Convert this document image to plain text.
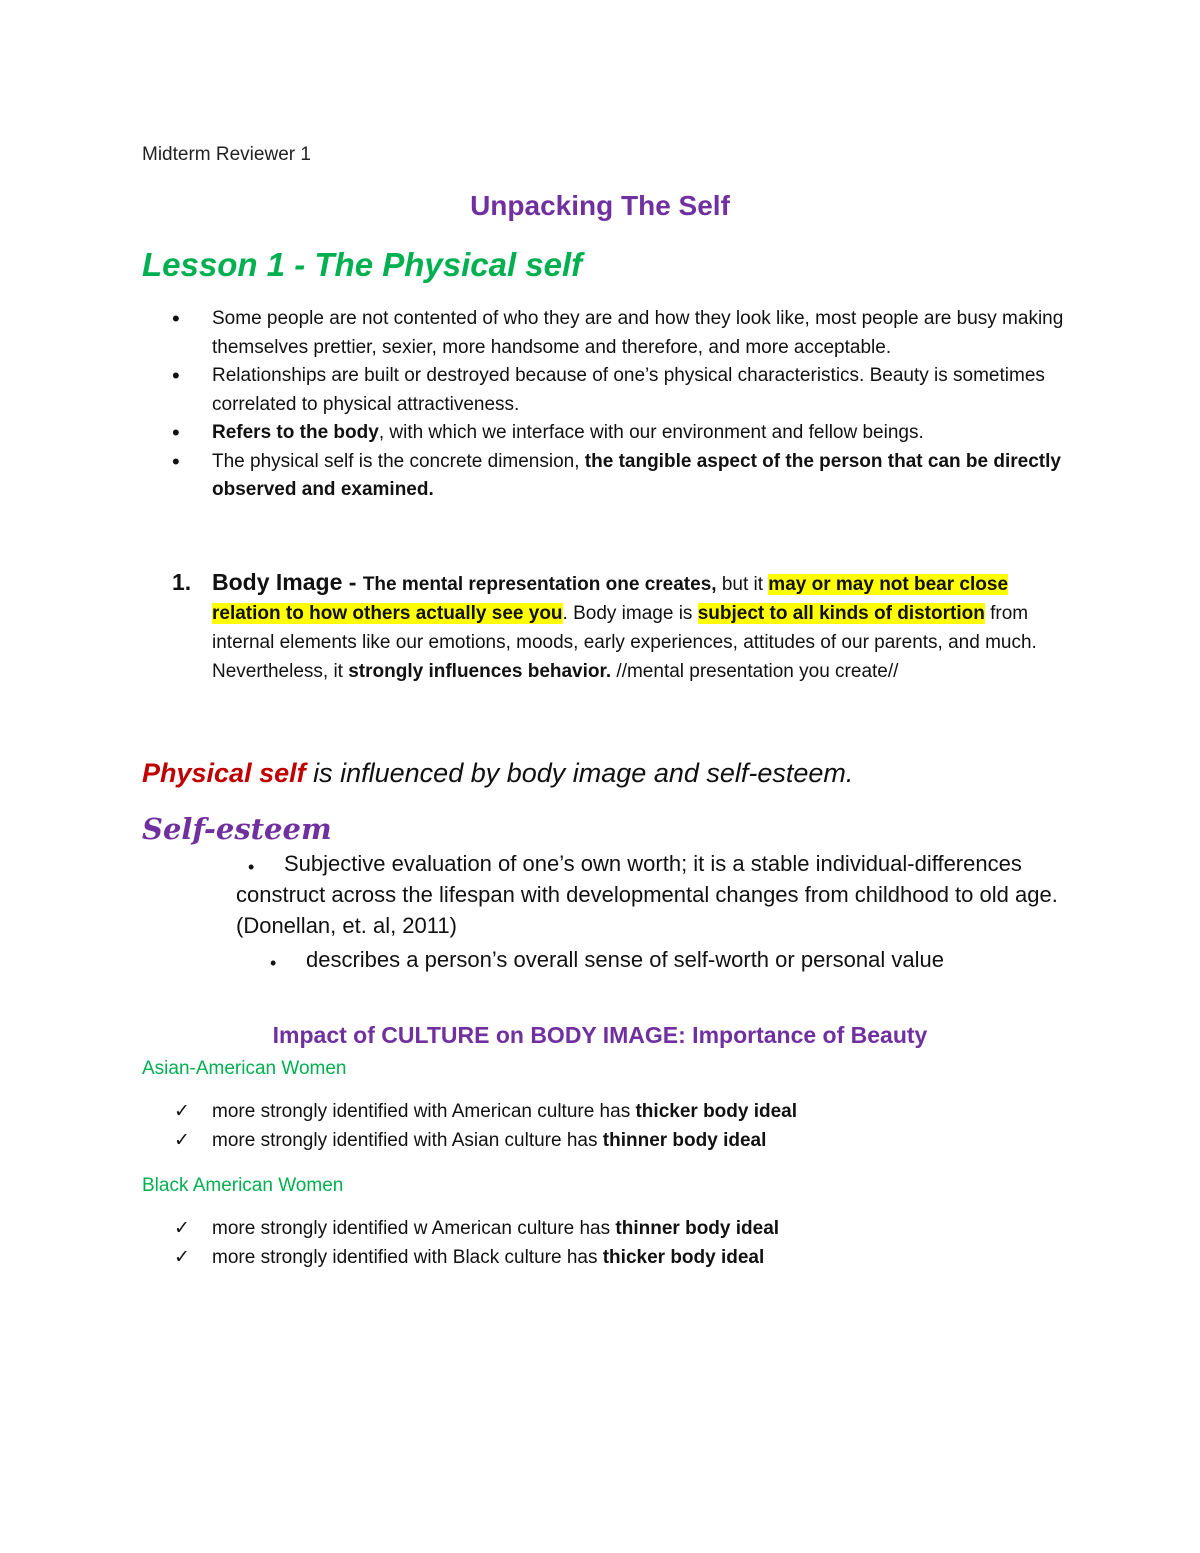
Midterm Reviewer 1
Unpacking The Self
Lesson 1 - The Physical self
• Some people are not contented of who they are and how they look like, most people are busy making themselves prettier, sexier, more handsome and therefore, and more acceptable.
• Relationships are built or destroyed because of one’s physical characteristics. Beauty is sometimes correlated to physical attractiveness.
• Refers to the body, with which we interface with our environment and fellow beings.
• The physical self is the concrete dimension, the tangible aspect of the person that can be directly observed and examined.
1. Body Image - The mental representation one creates, but it may or may not bear close relation to how others actually see you. Body image is subject to all kinds of distortion from internal elements like our emotions, moods, early experiences, attitudes of our parents, and much. Nevertheless, it strongly influences behavior. //mental presentation you create//
Physical self is influenced by body image and self-esteem.
Self-esteem
• Subjective evaluation of one’s own worth; it is a stable individual-differences construct across the lifespan with developmental changes from childhood to old age. (Donellan, et. al, 2011)
• describes a person’s overall sense of self-worth or personal value
Impact of CULTURE on BODY IMAGE: Importance of Beauty
Asian-American Women
✓ more strongly identified with American culture has thicker body ideal
✓ more strongly identified with Asian culture has thinner body ideal
Black American Women
✓ more strongly identified w American culture has thinner body ideal
✓ more strongly identified with Black culture has thicker body ideal
